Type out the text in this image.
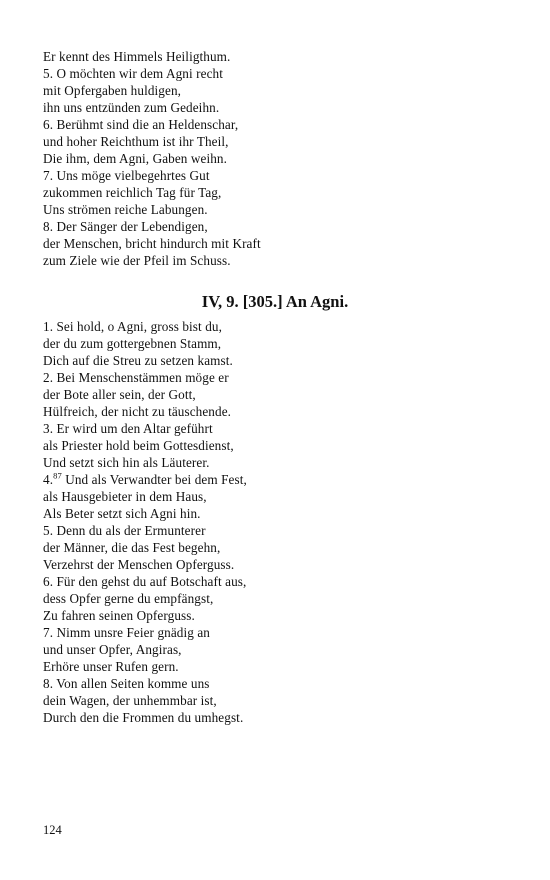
Er kennt des Himmels Heiligthum.
5. O möchten wir dem Agni recht
mit Opfergaben huldigen,
ihn uns entzünden zum Gedeihn.
6. Berühmt sind die an Heldenschar,
und hoher Reichthum ist ihr Theil,
Die ihm, dem Agni, Gaben weihn.
7. Uns möge vielbegehrtes Gut
zukommen reichlich Tag für Tag,
Uns strömen reiche Labungen.
8. Der Sänger der Lebendigen,
der Menschen, bricht hindurch mit Kraft
zum Ziele wie der Pfeil im Schuss.
IV, 9. [305.] An Agni.
1. Sei hold, o Agni, gross bist du,
der du zum gottergebnen Stamm,
Dich auf die Streu zu setzen kamst.
2. Bei Menschenstämmen möge er
der Bote aller sein, der Gott,
Hülfreich, der nicht zu täuschende.
3. Er wird um den Altar geführt
als Priester hold beim Gottesdienst,
Und setzt sich hin als Läuterer.
4.87 Und als Verwandter bei dem Fest,
als Hausgebieter in dem Haus,
Als Beter setzt sich Agni hin.
5. Denn du als der Ermunterer
der Männer, die das Fest begehn,
Verzehrst der Menschen Opferguss.
6. Für den gehst du auf Botschaft aus,
dess Opfer gerne du empfängst,
Zu fahren seinen Opferguss.
7. Nimm unsre Feier gnädig an
und unser Opfer, Angiras,
Erhöre unser Rufen gern.
8. Von allen Seiten komme uns
dein Wagen, der unhemmbar ist,
Durch den die Frommen du umhegst.
124
